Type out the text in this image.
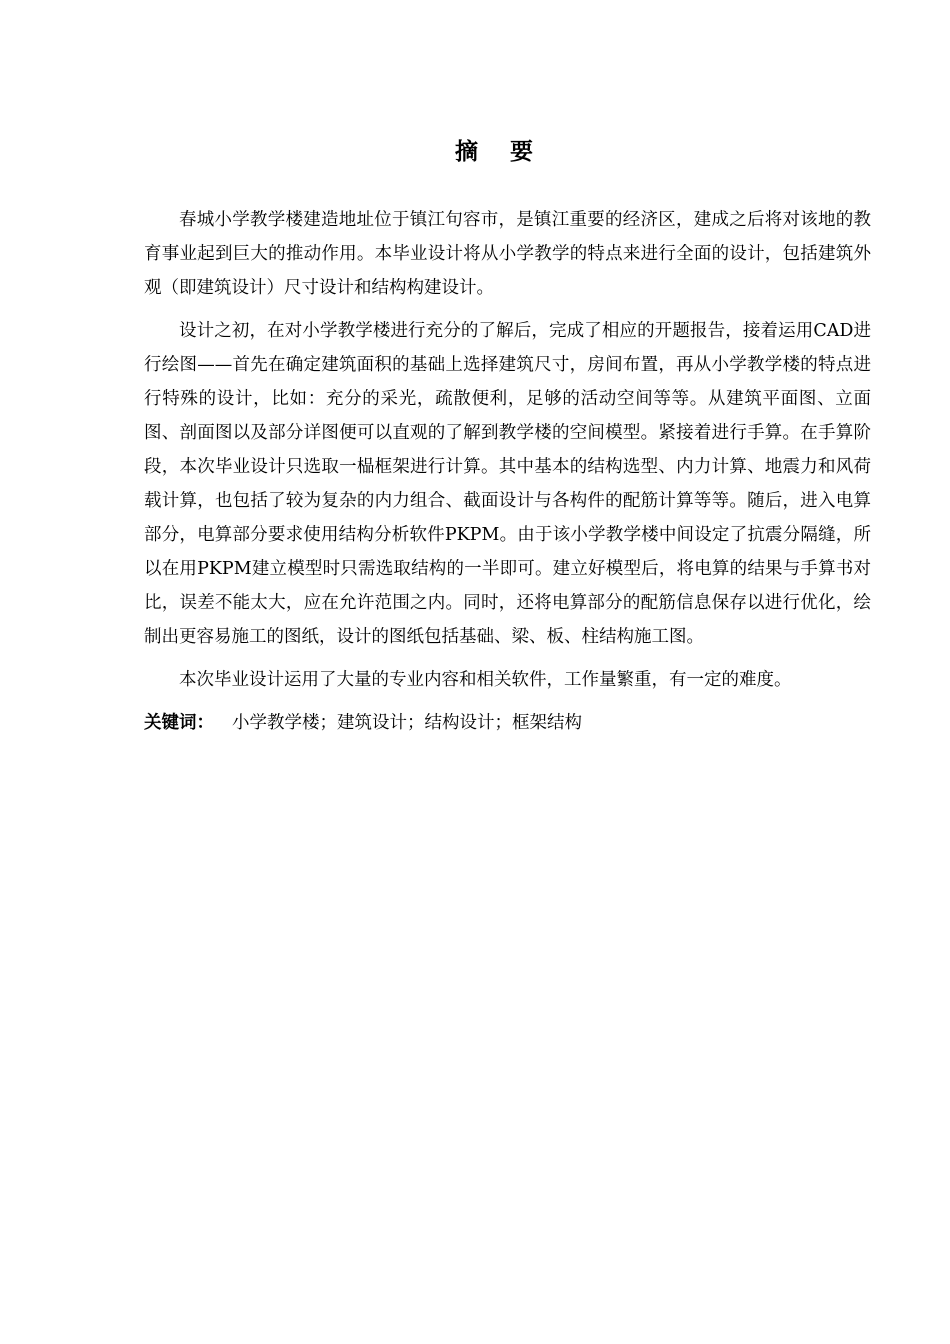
摘 要

春城小学教学楼建造地址位于镇江句容市，是镇江重要的经济区，建成之后将对该地的教育事业起到巨大的推动作用。本毕业设计将从小学教学的特点来进行全面的设计，包括建筑外观（即建筑设计）尺寸设计和结构构建设计。

设计之初，在对小学教学楼进行充分的了解后，完成了相应的开题报告，接着运用CAD进行绘图——首先在确定建筑面积的基础上选择建筑尺寸，房间布置，再从小学教学楼的特点进行特殊的设计，比如：充分的采光，疏散便利，足够的活动空间等等。从建筑平面图、立面图、剖面图以及部分详图便可以直观的了解到教学楼的空间模型。紧接着进行手算。在手算阶段，本次毕业设计只选取一榀框架进行计算。其中基本的结构选型、内力计算、地震力和风荷载计算，也包括了较为复杂的内力组合、截面设计与各构件的配筋计算等等。随后，进入电算部分，电算部分要求使用结构分析软件PKPM。由于该小学教学楼中间设定了抗震分隔缝，所以在用PKPM建立模型时只需选取结构的一半即可。建立好模型后，将电算的结果与手算书对比，误差不能太大，应在允许范围之内。同时，还将电算部分的配筋信息保存以进行优化，绘制出更容易施工的图纸，设计的图纸包括基础、梁、板、柱结构施工图。

本次毕业设计运用了大量的专业内容和相关软件，工作量繁重，有一定的难度。

关键词： 小学教学楼；建筑设计；结构设计；框架结构
